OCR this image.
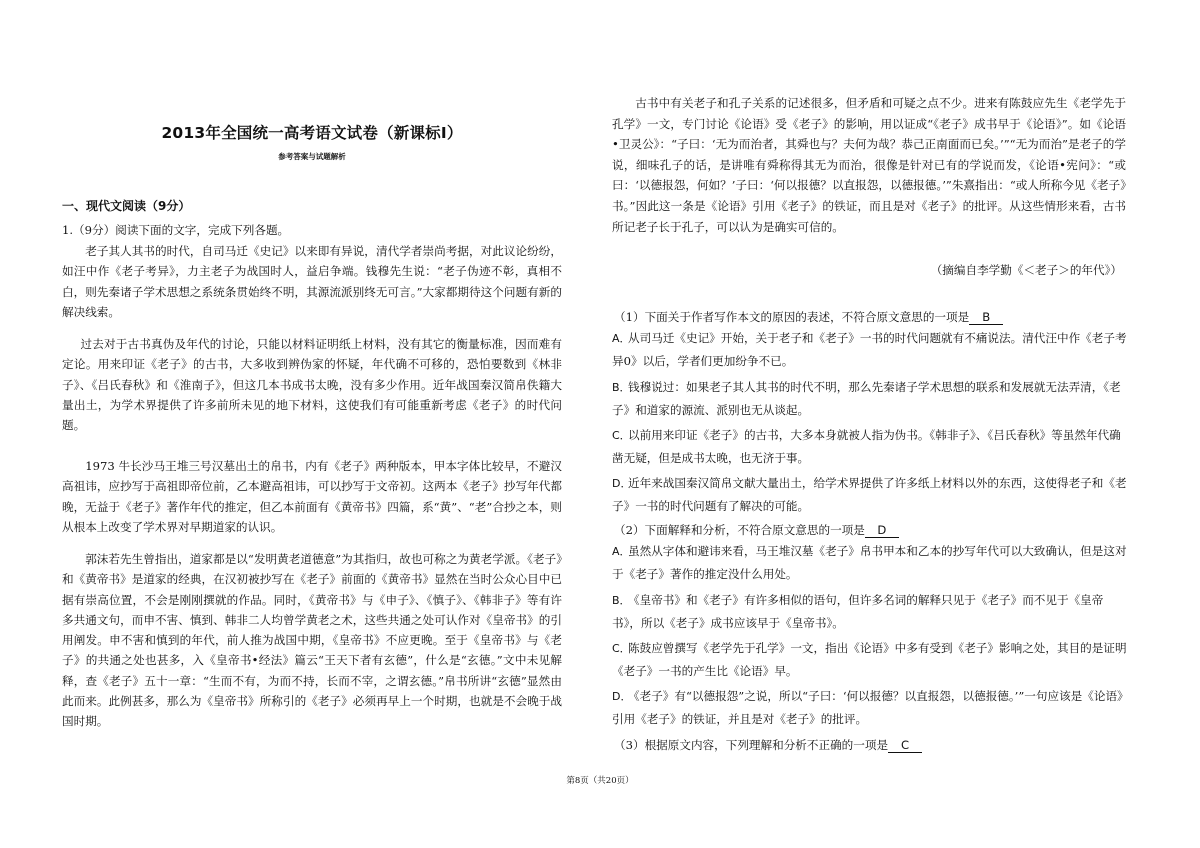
2013年全国统一高考语文试卷（新课标Ⅰ）

参考答案与试题解析

一、现代文阅读（9分）

1.（9分）阅读下面的文字，完成下列各题。

老子其人其书的时代，自司马迁《史记》以来即有异说，清代学者崇尚考据，对此议论纷纷，如汪中作《老子考异》，力主老子为战国时人，益启争端。钱穆先生说：“老子伪迹不彰，真相不白，则先秦诸子学术思想之系统条贯始终不明，其源流派别终无可言。”大家都期待这个问题有新的解决线索。

过去对于古书真伪及年代的讨论，只能以材料证明纸上材料，没有其它的衡量标准，因而难有定论。用来印证《老子》的古书，大多收到辨伪家的怀疑，年代确不可移的，恐怕要数到《林非子》、《吕氏春秋》和《淮南子》，但这几本书成书太晚，没有多少作用。近年战国秦汉简帛佚籍大量出土，为学术界提供了许多前所未见的地下材料，这使我们有可能重新考虑《老子》的时代问题。

1973 牛长沙马王堆三号汉墓出土的帛书，内有《老子》两种版本，甲本字体比较早，不避汉高祖讳，应抄写于高祖即帝位前，乙本避高祖讳，可以抄写于文帝初。这两本《老子》抄写年代都晚，无益于《老子》著作年代的推定，但乙本前面有《黄帝书》四篇，系“黄”、“老”合抄之本，则从根本上改变了学术界对早期道家的认识。

郭沫若先生曾指出，道家都是以“发明黄老道德意”为其指归，故也可称之为黄老学派。《老子》和《黄帝书》是道家的经典，在汉初被抄写在《老子》前面的《黄帝书》显然在当时公众心目中已据有崇高位置，不会是刚刚撰就的作品。同时，《黄帝书》与《申子》、《慎子》、《韩非子》等有许多共通文句，而申不害、慎到、韩非二人均曾学黄老之术，这些共通之处可认作对《皇帝书》的引用阐发。申不害和慎到的年代，前人推为战国中期，《皇帝书》不应更晚。至于《皇帝书》与《老子》的共通之处也甚多，入《皇帝书•经法》篇云“王天下者有玄德”，什么是“玄德。”文中未见解释，查《老子》五十一章：“生而不有，为而不持，长而不宰，之谓玄德。”帛书所讲“玄德”显然由此而来。此例甚多，那么为《皇帝书》所称引的《老子》必须再早上一个时期，也就是不会晚于战国时期。

古书中有关老子和孔子关系的记述很多，但矛盾和可疑之点不少。进来有陈鼓应先生《老学先于孔学》一文，专门讨论《论语》受《老子》的影响，用以证成“《老子》成书早于《论语》”。如《论语•卫灵公》：“子曰：‘无为而治者，其舜也与？夫何为哉？恭己正南面而已矣。’”“无为而治”是老子的学说，细味孔子的话，是讲唯有舜称得其无为而治，很像是针对已有的学说而发，《论语•宪问》：“或曰：‘以德报怨，何如？’子曰：‘何以报德？以直报怨，以德报德。’”朱熹指出：“或人所称今见《老子》书。”因此这一条是《论语》引用《老子》的铁证，而且是对《老子》的批评。从这些情形来看，古书所记老子长于孔子，可以认为是确实可信的。

（摘编自李学勤《＜老子＞的年代》）

（1）下面关于作者写作本文的原因的表述，不符合原文意思的一项是 B

A．从司马迁《史记》开始，关于老子和《老子》一书的时代问题就有不痛说法。清代汪中作《老子考异0》以后，学者们更加纷争不已。
B．钱穆说过：如果老子其人其书的时代不明，那么先秦诸子学术思想的联系和发展就无法弄清，《老子》和道家的源流、派别也无从谈起。
C．以前用来印证《老子》的古书，大多本身就被人指为伪书。《韩非子》、《吕氏春秋》等虽然年代确凿无疑，但是成书太晚，也无济于事。
D．近年来战国秦汉简帛文献大量出土，给学术界提供了许多纸上材料以外的东西，这使得老子和《老子》一书的时代问题有了解决的可能。

（2）下面解释和分析，不符合原文意思的一项是 D

A．虽然从字体和避讳来看，马王堆汉墓《老子》帛书甲本和乙本的抄写年代可以大致确认，但是这对于《老子》著作的推定没什么用处。
B．《皇帝书》和《老子》有许多相似的语句，但许多名词的解释只见于《老子》而不见于《皇帝书》，所以《老子》成书应该早于《皇帝书》。
C．陈鼓应曾撰写《老学先于孔学》一文，指出《论语》中多有受到《老子》影响之处，其目的是证明《老子》一书的产生比《论语》早。
D．《老子》有“以德报怨”之说，所以“子曰：‘何以报德？以直报怨，以德报德。’”一句应该是《论语》引用《老子》的铁证，并且是对《老子》的批评。

（3）根据原文内容，下列理解和分析不正确的一项是 C

第8页（共20页）
